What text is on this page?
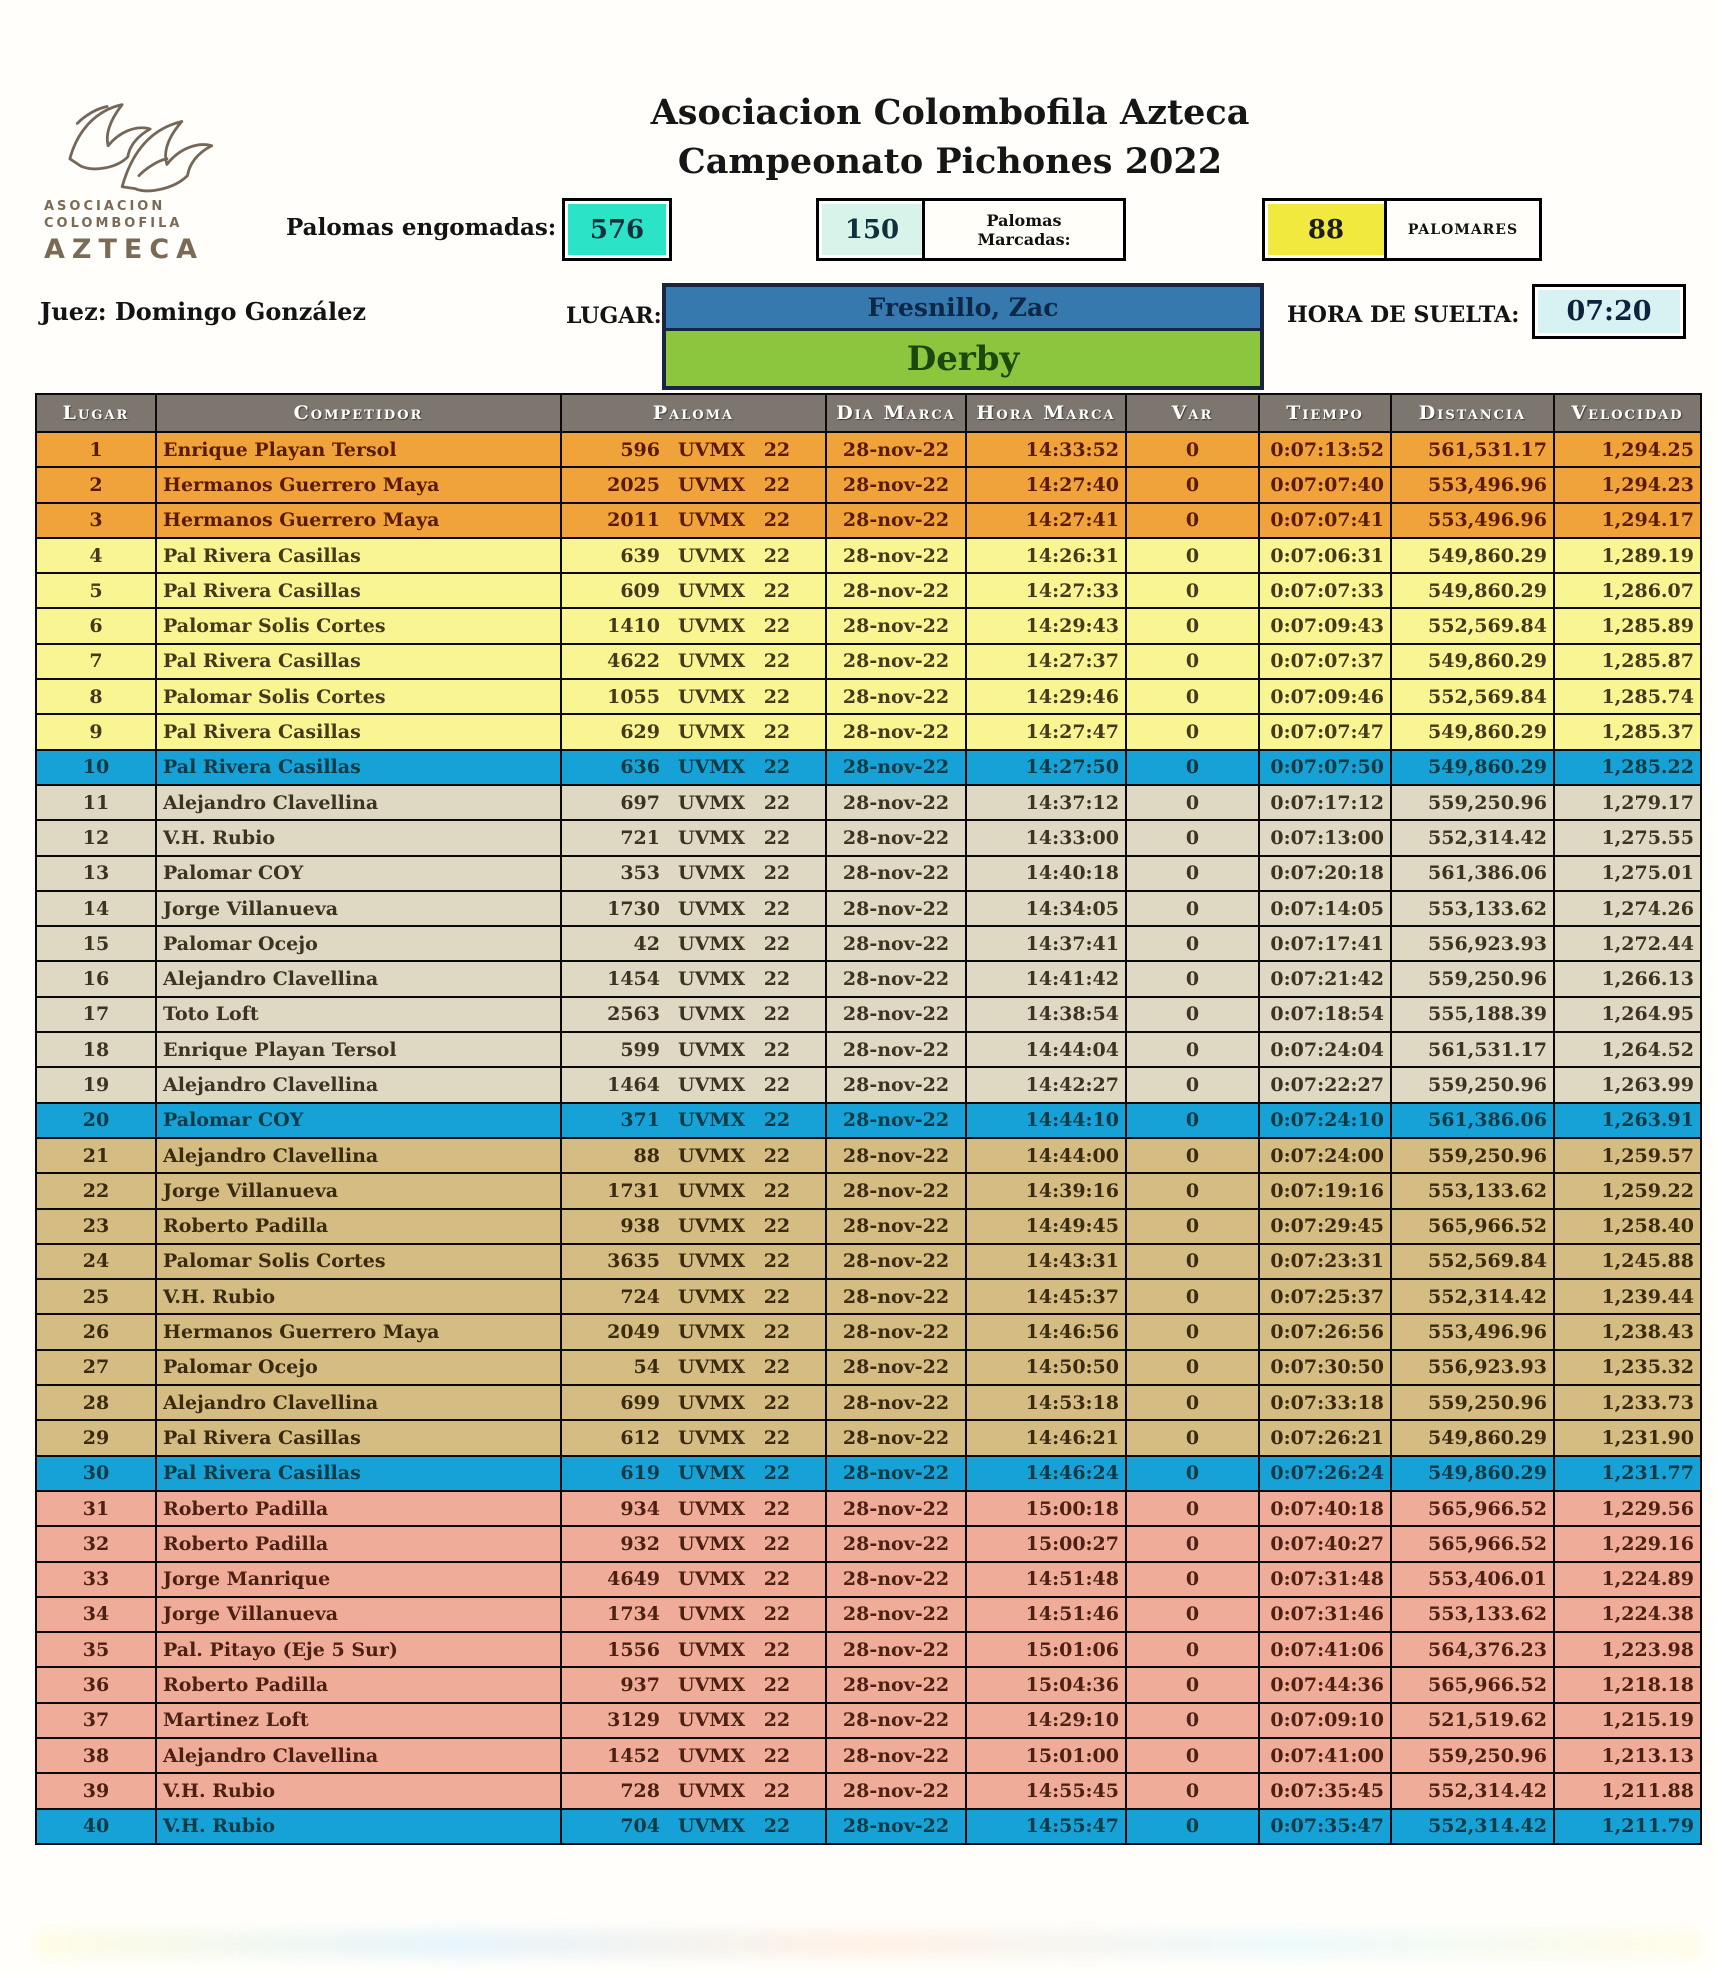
ASOCIACION
COLOMBOFILA
AZTECA
Asociacion Colombofila Azteca
Campeonato Pichones 2022
Palomas engomadas:	576	150	Palomas Marcadas:	88	PALOMARES
Juez: Domingo González	LUGAR:	Fresnillo, Zac
Derby
HORA DE SUELTA:	07:20
Lugar	Competidor	Paloma	Dia Marca	Hora Marca	Var	Tiempo	Distancia	Velocidad
1	Enrique Playan Tersol	596 UVMX 22	28-nov-22	14:33:52	0	0:07:13:52	561,531.17	1,294.25
2	Hermanos Guerrero Maya	2025 UVMX 22	28-nov-22	14:27:40	0	0:07:07:40	553,496.96	1,294.23
3	Hermanos Guerrero Maya	2011 UVMX 22	28-nov-22	14:27:41	0	0:07:07:41	553,496.96	1,294.17
4	Pal Rivera Casillas	639 UVMX 22	28-nov-22	14:26:31	0	0:07:06:31	549,860.29	1,289.19
5	Pal Rivera Casillas	609 UVMX 22	28-nov-22	14:27:33	0	0:07:07:33	549,860.29	1,286.07
6	Palomar Solis Cortes	1410 UVMX 22	28-nov-22	14:29:43	0	0:07:09:43	552,569.84	1,285.89
7	Pal Rivera Casillas	4622 UVMX 22	28-nov-22	14:27:37	0	0:07:07:37	549,860.29	1,285.87
8	Palomar Solis Cortes	1055 UVMX 22	28-nov-22	14:29:46	0	0:07:09:46	552,569.84	1,285.74
9	Pal Rivera Casillas	629 UVMX 22	28-nov-22	14:27:47	0	0:07:07:47	549,860.29	1,285.37
10	Pal Rivera Casillas	636 UVMX 22	28-nov-22	14:27:50	0	0:07:07:50	549,860.29	1,285.22
11	Alejandro Clavellina	697 UVMX 22	28-nov-22	14:37:12	0	0:07:17:12	559,250.96	1,279.17
12	V.H. Rubio	721 UVMX 22	28-nov-22	14:33:00	0	0:07:13:00	552,314.42	1,275.55
13	Palomar COY	353 UVMX 22	28-nov-22	14:40:18	0	0:07:20:18	561,386.06	1,275.01
14	Jorge Villanueva	1730 UVMX 22	28-nov-22	14:34:05	0	0:07:14:05	553,133.62	1,274.26
15	Palomar Ocejo	42 UVMX 22	28-nov-22	14:37:41	0	0:07:17:41	556,923.93	1,272.44
16	Alejandro Clavellina	1454 UVMX 22	28-nov-22	14:41:42	0	0:07:21:42	559,250.96	1,266.13
17	Toto Loft	2563 UVMX 22	28-nov-22	14:38:54	0	0:07:18:54	555,188.39	1,264.95
18	Enrique Playan Tersol	599 UVMX 22	28-nov-22	14:44:04	0	0:07:24:04	561,531.17	1,264.52
19	Alejandro Clavellina	1464 UVMX 22	28-nov-22	14:42:27	0	0:07:22:27	559,250.96	1,263.99
20	Palomar COY	371 UVMX 22	28-nov-22	14:44:10	0	0:07:24:10	561,386.06	1,263.91
21	Alejandro Clavellina	88 UVMX 22	28-nov-22	14:44:00	0	0:07:24:00	559,250.96	1,259.57
22	Jorge Villanueva	1731 UVMX 22	28-nov-22	14:39:16	0	0:07:19:16	553,133.62	1,259.22
23	Roberto Padilla	938 UVMX 22	28-nov-22	14:49:45	0	0:07:29:45	565,966.52	1,258.40
24	Palomar Solis Cortes	3635 UVMX 22	28-nov-22	14:43:31	0	0:07:23:31	552,569.84	1,245.88
25	V.H. Rubio	724 UVMX 22	28-nov-22	14:45:37	0	0:07:25:37	552,314.42	1,239.44
26	Hermanos Guerrero Maya	2049 UVMX 22	28-nov-22	14:46:56	0	0:07:26:56	553,496.96	1,238.43
27	Palomar Ocejo	54 UVMX 22	28-nov-22	14:50:50	0	0:07:30:50	556,923.93	1,235.32
28	Alejandro Clavellina	699 UVMX 22	28-nov-22	14:53:18	0	0:07:33:18	559,250.96	1,233.73
29	Pal Rivera Casillas	612 UVMX 22	28-nov-22	14:46:21	0	0:07:26:21	549,860.29	1,231.90
30	Pal Rivera Casillas	619 UVMX 22	28-nov-22	14:46:24	0	0:07:26:24	549,860.29	1,231.77
31	Roberto Padilla	934 UVMX 22	28-nov-22	15:00:18	0	0:07:40:18	565,966.52	1,229.56
32	Roberto Padilla	932 UVMX 22	28-nov-22	15:00:27	0	0:07:40:27	565,966.52	1,229.16
33	Jorge Manrique	4649 UVMX 22	28-nov-22	14:51:48	0	0:07:31:48	553,406.01	1,224.89
34	Jorge Villanueva	1734 UVMX 22	28-nov-22	14:51:46	0	0:07:31:46	553,133.62	1,224.38
35	Pal. Pitayo (Eje 5 Sur)	1556 UVMX 22	28-nov-22	15:01:06	0	0:07:41:06	564,376.23	1,223.98
36	Roberto Padilla	937 UVMX 22	28-nov-22	15:04:36	0	0:07:44:36	565,966.52	1,218.18
37	Martinez Loft	3129 UVMX 22	28-nov-22	14:29:10	0	0:07:09:10	521,519.62	1,215.19
38	Alejandro Clavellina	1452 UVMX 22	28-nov-22	15:01:00	0	0:07:41:00	559,250.96	1,213.13
39	V.H. Rubio	728 UVMX 22	28-nov-22	14:55:45	0	0:07:35:45	552,314.42	1,211.88
40	V.H. Rubio	704 UVMX 22	28-nov-22	14:55:47	0	0:07:35:47	552,314.42	1,211.79
